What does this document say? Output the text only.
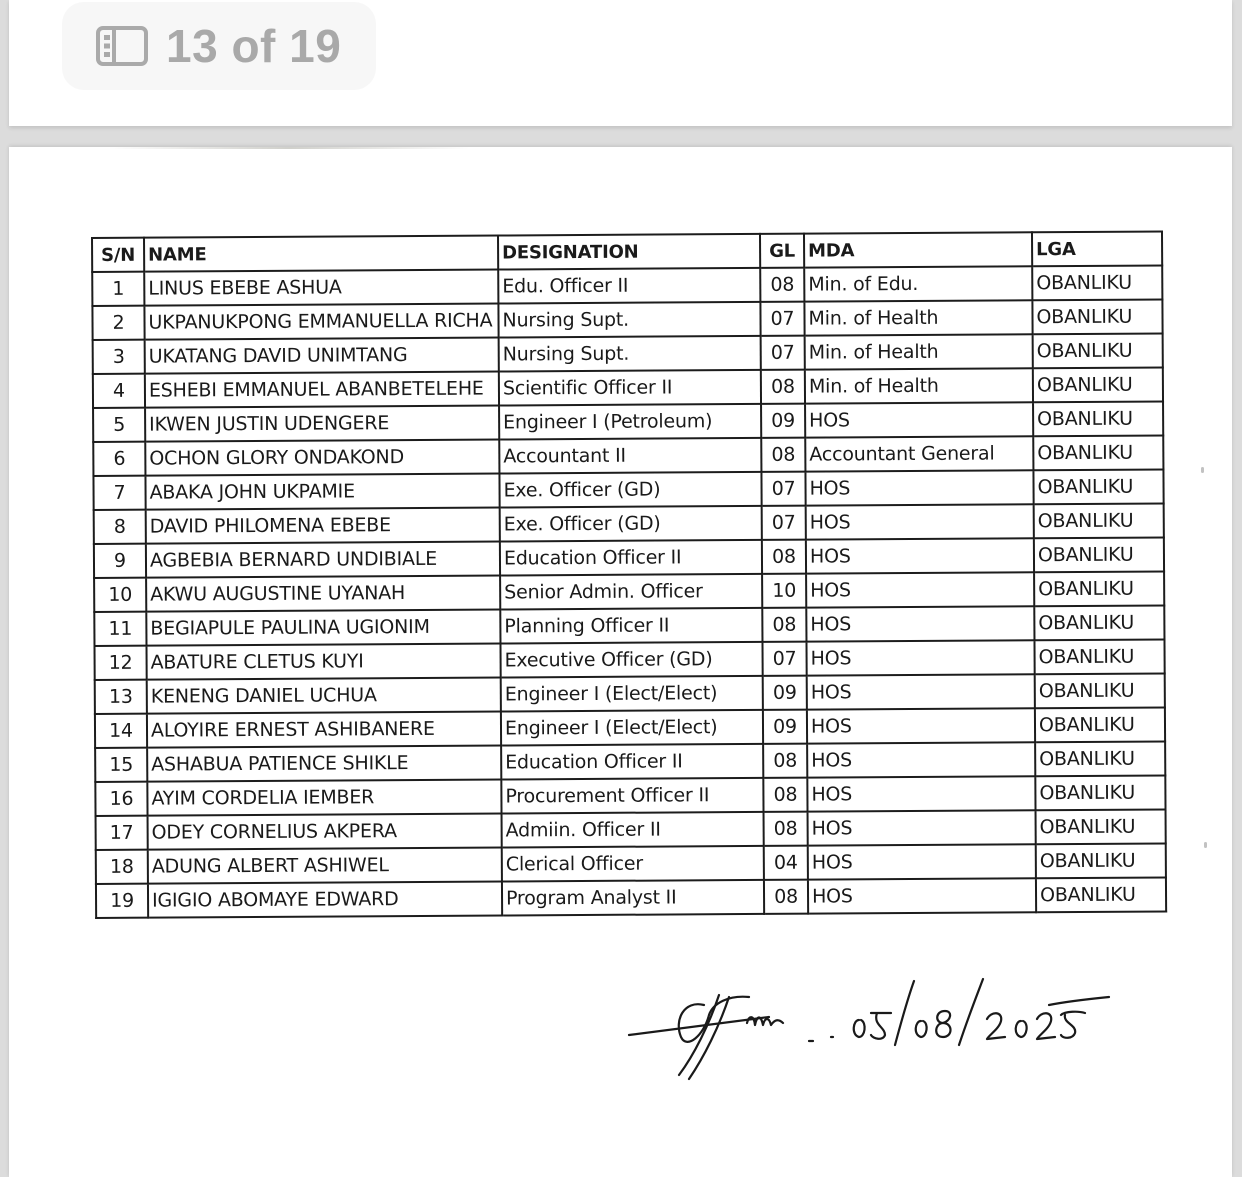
13 of 19
S/N	NAME	DESIGNATION	GL	MDA	LGA
1	LINUS EBEBE ASHUA	Edu. Officer II	08	Min. of Edu.	OBANLIKU
2	UKPANUKPONG EMMANUELLA RICHA	Nursing Supt.	07	Min. of Health	OBANLIKU
3	UKATANG DAVID UNIMTANG	Nursing Supt.	07	Min. of Health	OBANLIKU
4	ESHEBI EMMANUEL ABANBETELEHE	Scientific Officer II	08	Min. of Health	OBANLIKU
5	IKWEN JUSTIN UDENGERE	Engineer I (Petroleum)	09	HOS	OBANLIKU
6	OCHON GLORY ONDAKOND	Accountant II	08	Accountant General	OBANLIKU
7	ABAKA JOHN UKPAMIE	Exe. Officer (GD)	07	HOS	OBANLIKU
8	DAVID PHILOMENA EBEBE	Exe. Officer (GD)	07	HOS	OBANLIKU
9	AGBEBIA BERNARD UNDIBIALE	Education Officer II	08	HOS	OBANLIKU
10	AKWU AUGUSTINE UYANAH	Senior Admin. Officer	10	HOS	OBANLIKU
11	BEGIAPULE PAULINA UGIONIM	Planning Officer II	08	HOS	OBANLIKU
12	ABATURE CLETUS KUYI	Executive Officer (GD)	07	HOS	OBANLIKU
13	KENENG DANIEL UCHUA	Engineer I (Elect/Elect)	09	HOS	OBANLIKU
14	ALOYIRE ERNEST ASHIBANERE	Engineer I (Elect/Elect)	09	HOS	OBANLIKU
15	ASHABUA PATIENCE SHIKLE	Education Officer II	08	HOS	OBANLIKU
16	AYIM CORDELIA IEMBER	Procurement Officer II	08	HOS	OBANLIKU
17	ODEY CORNELIUS AKPERA	Admiin. Officer II	08	HOS	OBANLIKU
18	ADUNG ALBERT ASHIWEL	Clerical Officer	04	HOS	OBANLIKU
19	IGIGIO ABOMAYE EDWARD	Program Analyst II	08	HOS	OBANLIKU
